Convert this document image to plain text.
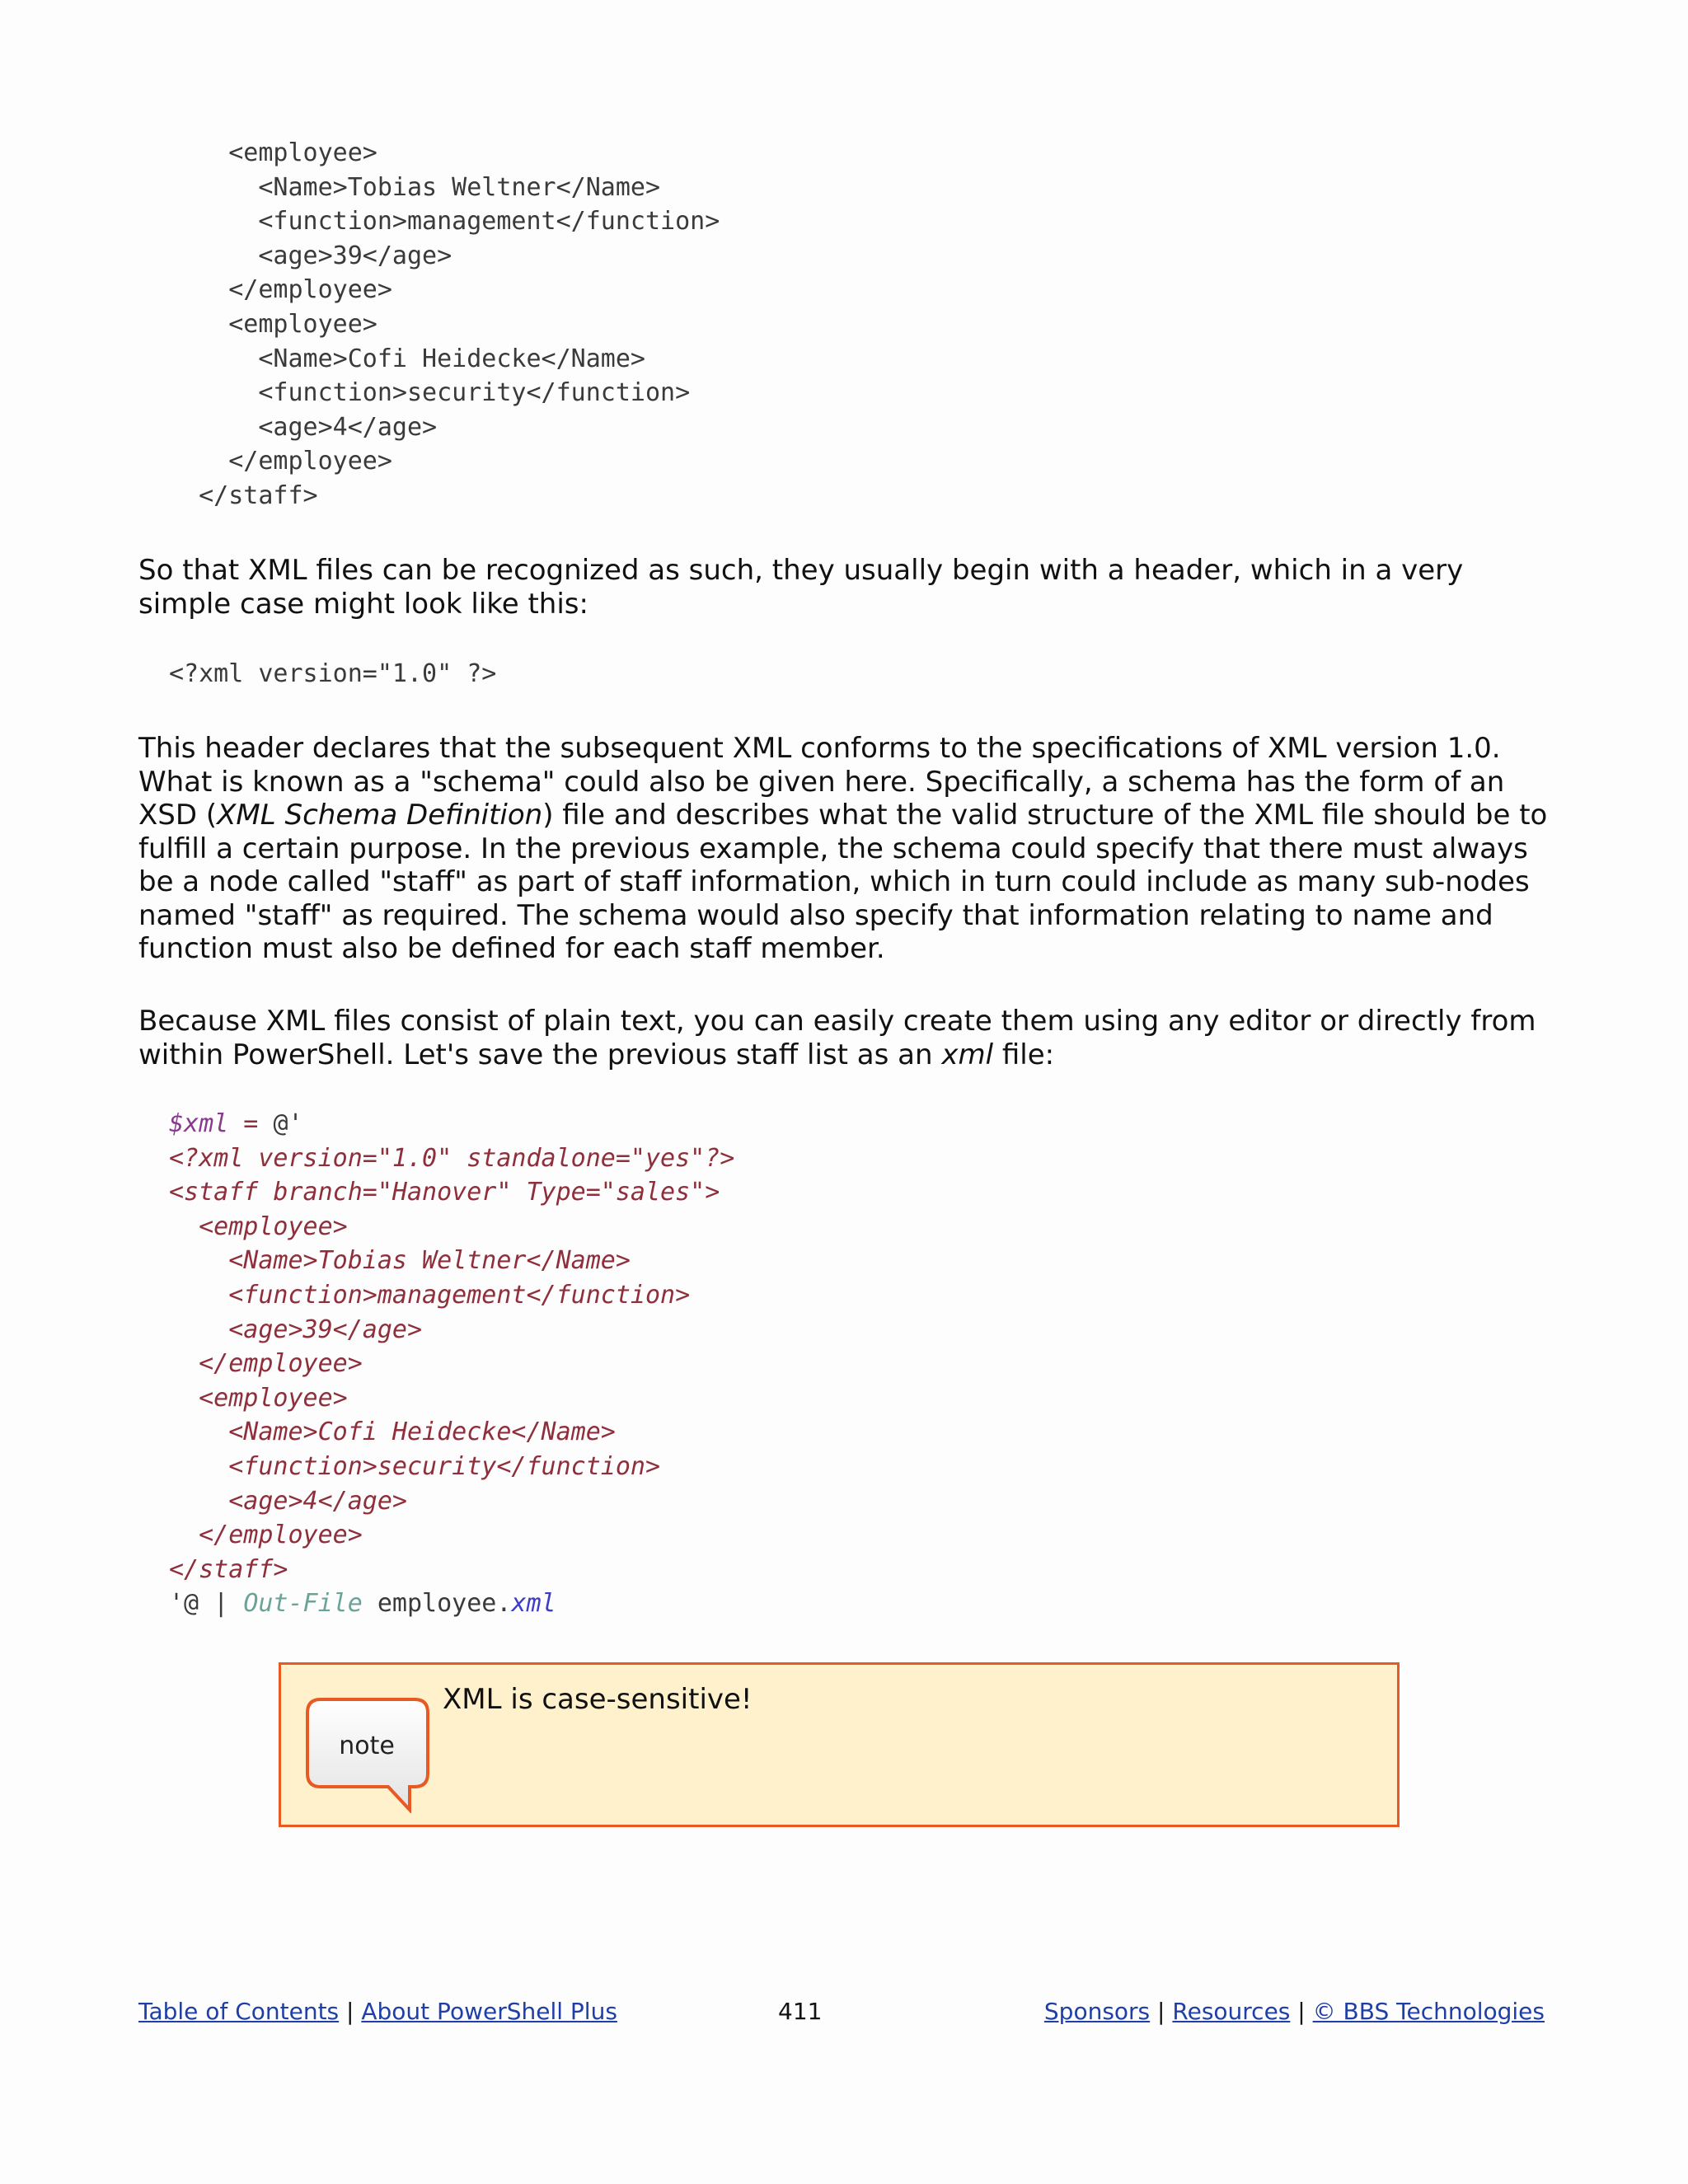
<employee>
<Name>Tobias Weltner</Name>
<function>management</function>
<age>39</age>
</employee>
<employee>
<Name>Cofi Heidecke</Name>
<function>security</function>
<age>4</age>
</employee>
</staff>

So that XML files can be recognized as such, they usually begin with a header, which in a very simple case might look like this:

<?xml version="1.0" ?>

This header declares that the subsequent XML conforms to the specifications of XML version 1.0. What is known as a "schema" could also be given here. Specifically, a schema has the form of an XSD (XML Schema Definition) file and describes what the valid structure of the XML file should be to fulfill a certain purpose. In the previous example, the schema could specify that there must always be a node called "staff" as part of staff information, which in turn could include as many sub-nodes named "staff" as required. The schema would also specify that information relating to name and function must also be defined for each staff member.

Because XML files consist of plain text, you can easily create them using any editor or directly from within PowerShell. Let's save the previous staff list as an xml file:

$xml = @'
<?xml version="1.0" standalone="yes"?>
<staff branch="Hanover" Type="sales">
<employee>
<Name>Tobias Weltner</Name>
<function>management</function>
<age>39</age>
</employee>
<employee>
<Name>Cofi Heidecke</Name>
<function>security</function>
<age>4</age>
</employee>
</staff>
'@ | Out-File employee.xml
note
XML is case-sensitive!
Table of Contents | About PowerShell Plus	411	Sponsors | Resources | © BBS Technologies
